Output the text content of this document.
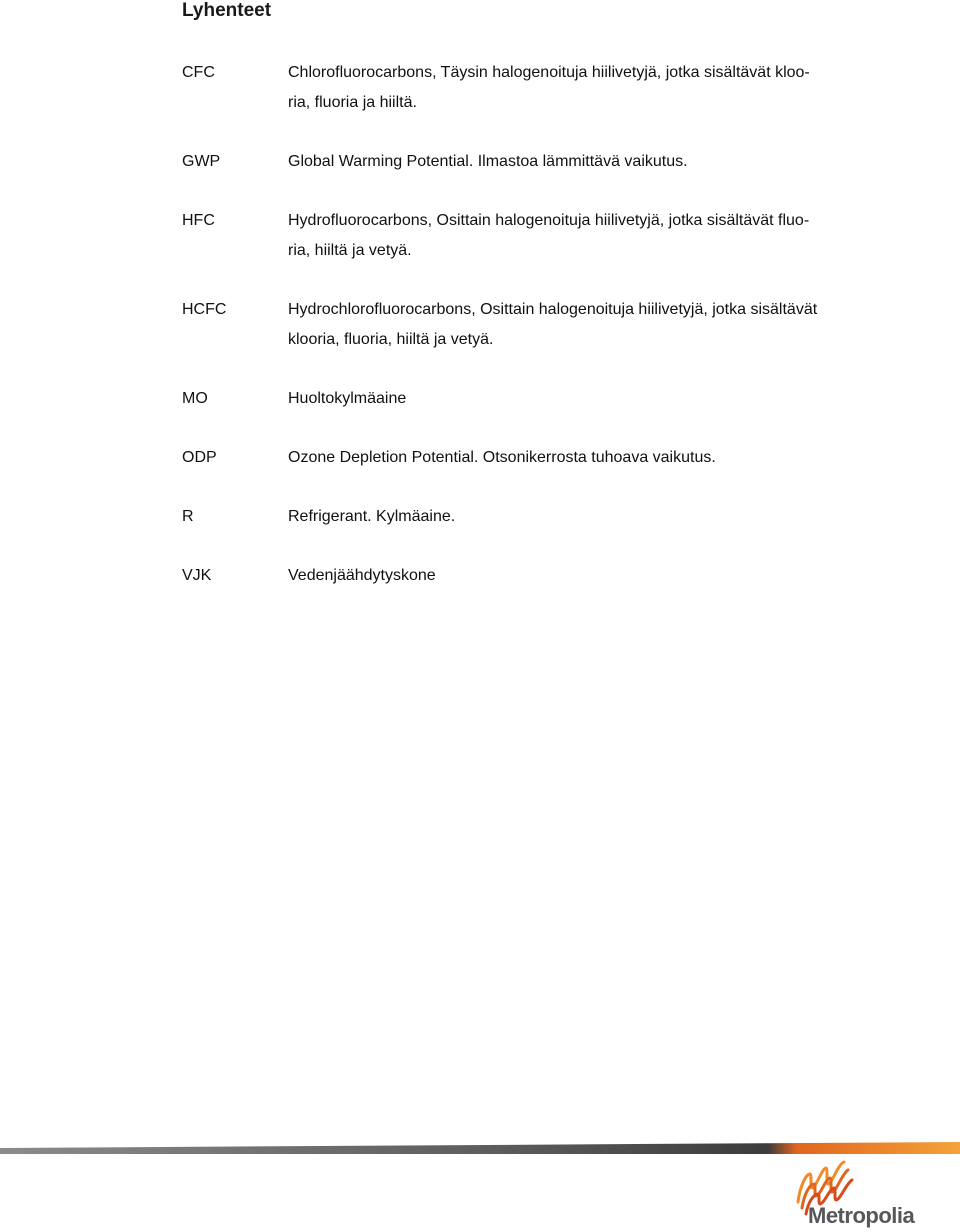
Lyhenteet
CFC	Chlorofluorocarbons, Täysin halogenoituja hiilivetyjä, jotka sisältävät kloo-
ria, fluoria ja hiiltä.
GWP	Global Warming Potential. Ilmastoa lämmittävä vaikutus.
HFC	Hydrofluorocarbons, Osittain halogenoituja hiilivetyjä, jotka sisältävät fluo-
ria, hiiltä ja vetyä.
HCFC	Hydrochlorofluorocarbons, Osittain halogenoituja hiilivetyjä, jotka sisältävät
klooria, fluoria, hiiltä ja vetyä.
MO	Huoltokylmäaine
ODP	Ozone Depletion Potential. Otsonikerrosta tuhoava vaikutus.
R	Refrigerant. Kylmäaine.
VJK	Vedenjäähdytyskone
Metropolia
